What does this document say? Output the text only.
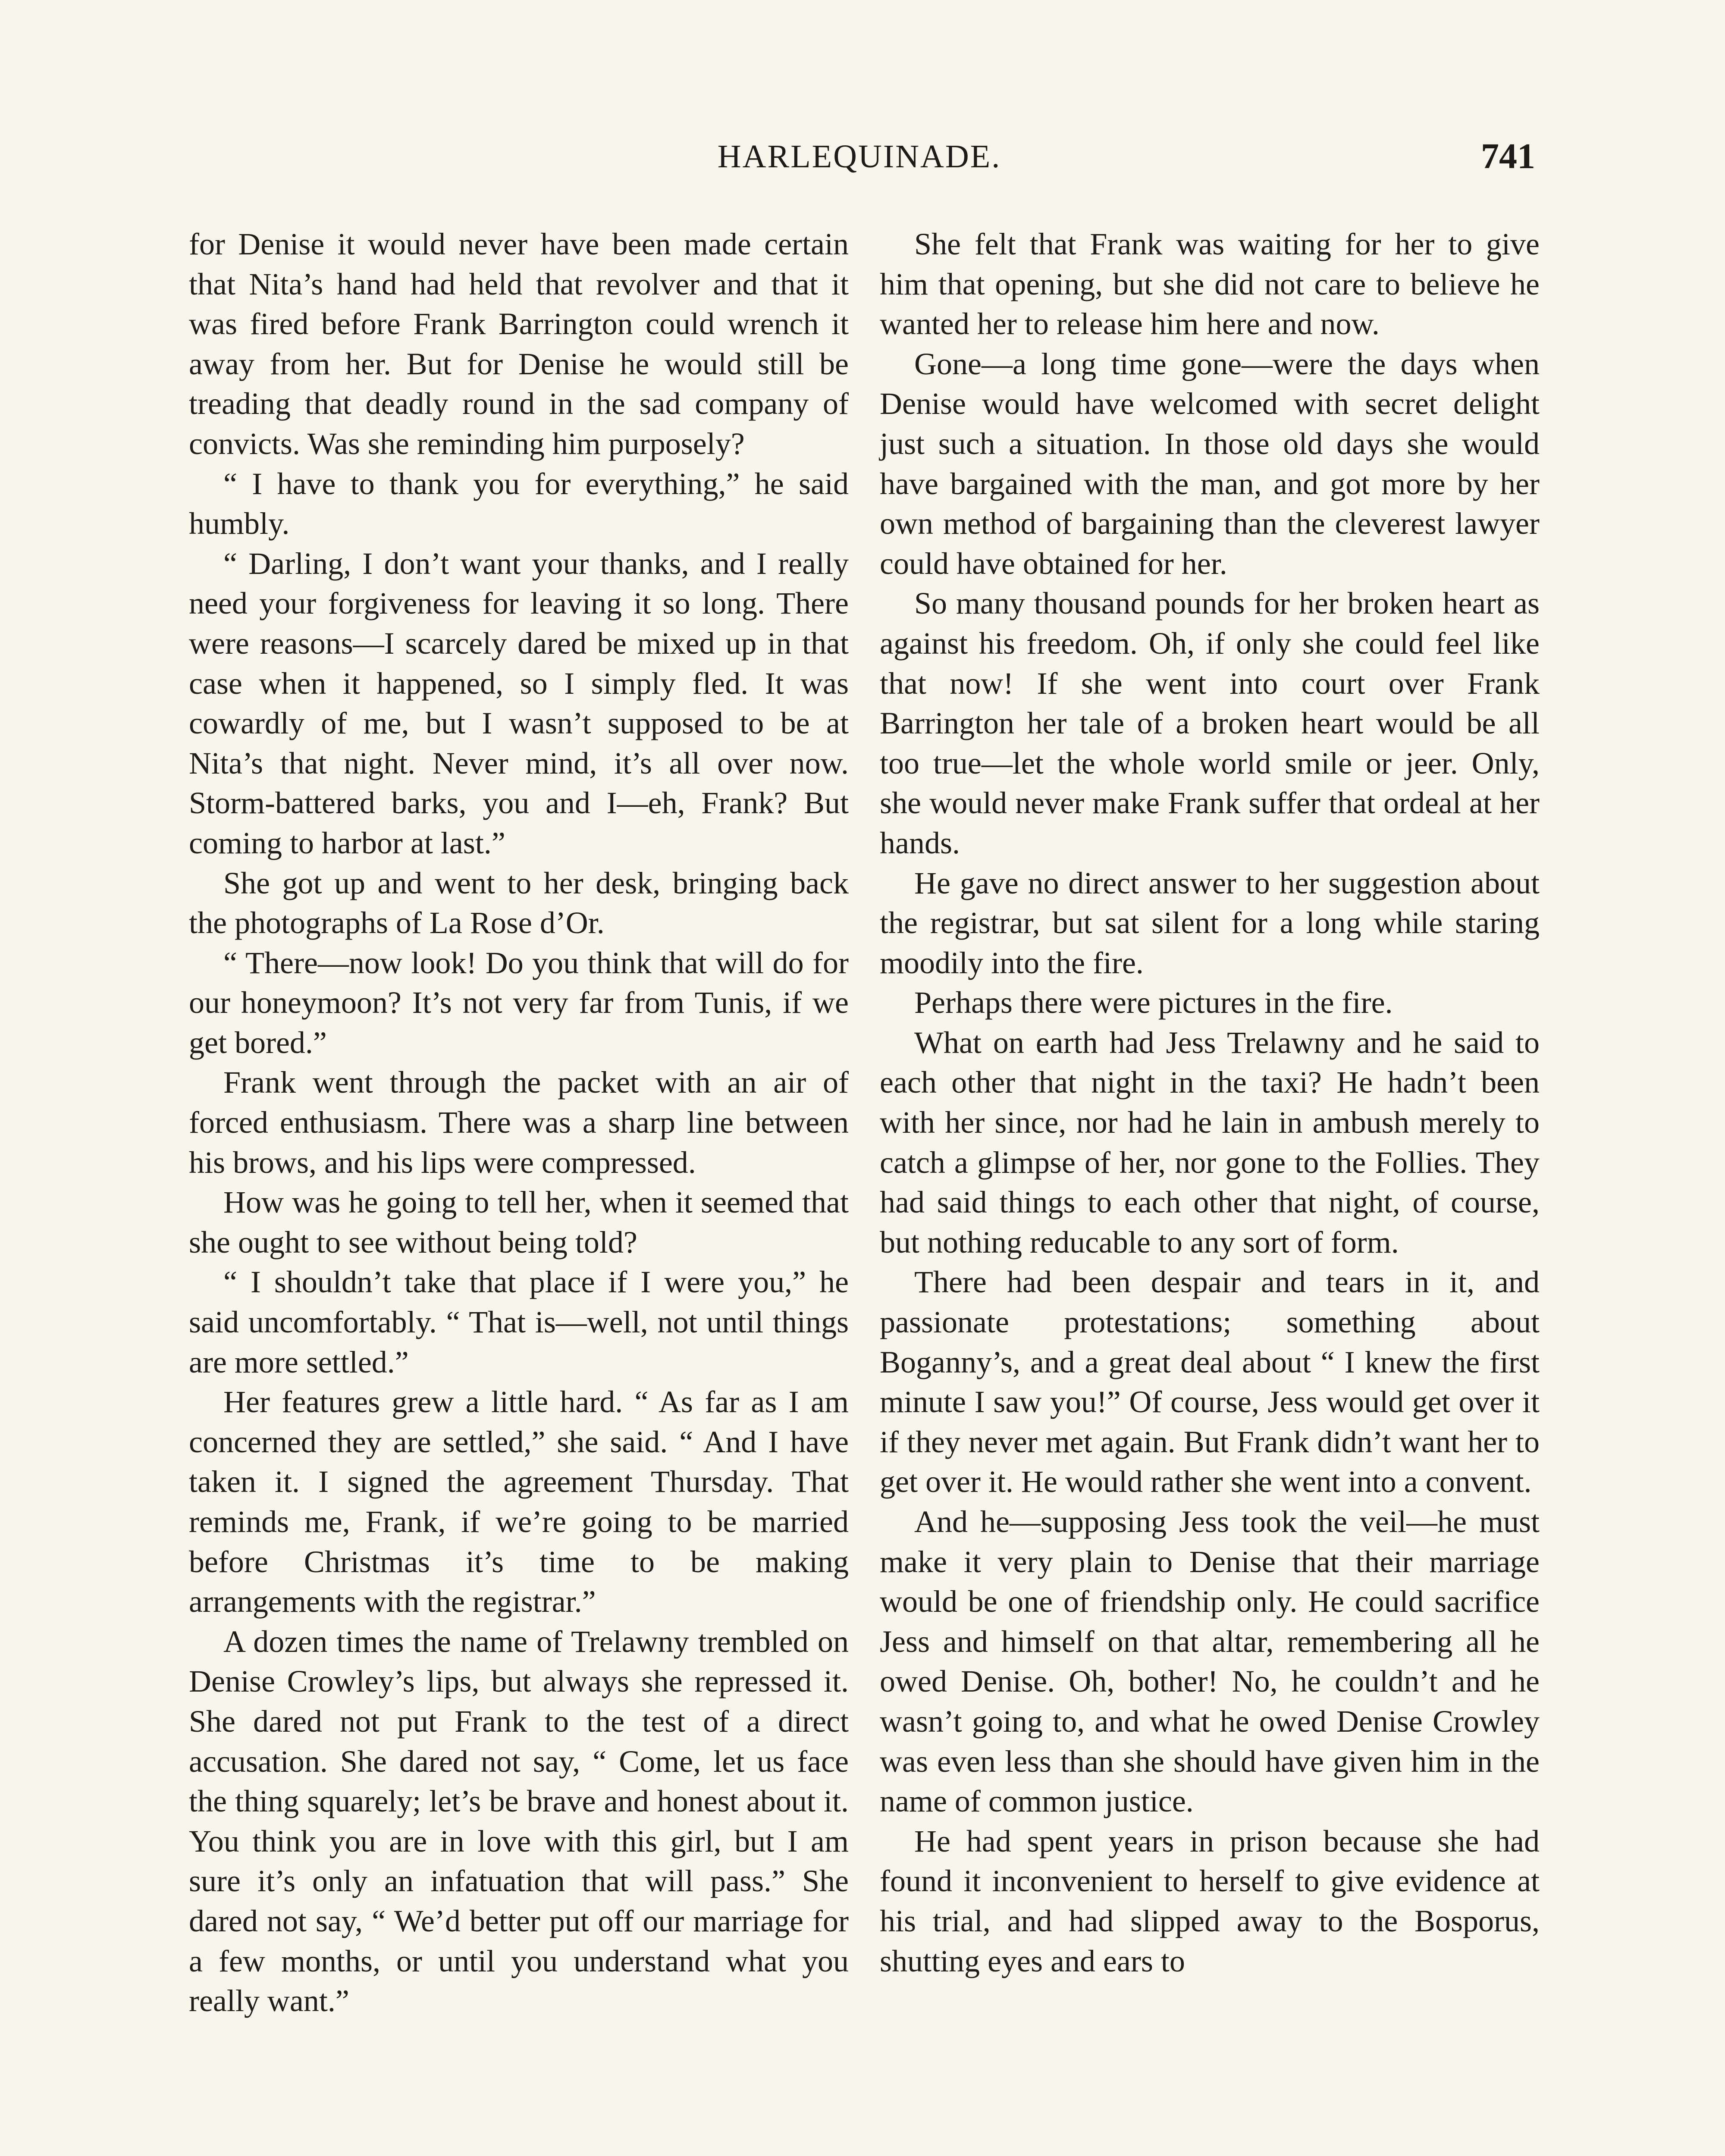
HARLEQUINADE.	741

for Denise it would never have been made certain that Nita’s hand had held that revolver and that it was fired before Frank Barrington could wrench it away from her. But for Denise he would still be treading that deadly round in the sad company of convicts. Was she reminding him purposely?

“ I have to thank you for everything,” he said humbly.

“ Darling, I don’t want your thanks, and I really need your forgiveness for leaving it so long. There were reasons—I scarcely dared be mixed up in that case when it happened, so I simply fled. It was cowardly of me, but I wasn’t supposed to be at Nita’s that night. Never mind, it’s all over now. Storm-battered barks, you and I—eh, Frank? But coming to harbor at last.”

She got up and went to her desk, bringing back the photographs of La Rose d’Or.

“ There—now look! Do you think that will do for our honeymoon? It’s not very far from Tunis, if we get bored.”

Frank went through the packet with an air of forced enthusiasm. There was a sharp line between his brows, and his lips were compressed.

How was he going to tell her, when it seemed that she ought to see without being told?

“ I shouldn’t take that place if I were you,” he said uncomfortably. “ That is—well, not until things are more settled.”

Her features grew a little hard. “ As far as I am concerned they are settled,” she said. “ And I have taken it. I signed the agreement Thursday. That reminds me, Frank, if we’re going to be married before Christmas it’s time to be making arrangements with the registrar.”

A dozen times the name of Trelawny trembled on Denise Crowley’s lips, but always she repressed it. She dared not put Frank to the test of a direct accusation. She dared not say, “ Come, let us face the thing squarely; let’s be brave and honest about it. You think you are in love with this girl, but I am sure it’s only an infatuation that will pass.” She dared not say, “ We’d better put off our marriage for a few months, or until you understand what you really want.”

She felt that Frank was waiting for her to give him that opening, but she did not care to believe he wanted her to release him here and now.

Gone—a long time gone—were the days when Denise would have welcomed with secret delight just such a situation. In those old days she would have bargained with the man, and got more by her own method of bargaining than the cleverest lawyer could have obtained for her.

So many thousand pounds for her broken heart as against his freedom. Oh, if only she could feel like that now! If she went into court over Frank Barrington her tale of a broken heart would be all too true—let the whole world smile or jeer. Only, she would never make Frank suffer that ordeal at her hands.

He gave no direct answer to her suggestion about the registrar, but sat silent for a long while staring moodily into the fire.

Perhaps there were pictures in the fire.

What on earth had Jess Trelawny and he said to each other that night in the taxi? He hadn’t been with her since, nor had he lain in ambush merely to catch a glimpse of her, nor gone to the Follies. They had said things to each other that night, of course, but nothing reducable to any sort of form.

There had been despair and tears in it, and passionate protestations; something about Boganny’s, and a great deal about “ I knew the first minute I saw you!” Of course, Jess would get over it if they never met again. But Frank didn’t want her to get over it. He would rather she went into a convent.

And he—supposing Jess took the veil—he must make it very plain to Denise that their marriage would be one of friendship only. He could sacrifice Jess and himself on that altar, remembering all he owed Denise. Oh, bother! No, he couldn’t and he wasn’t going to, and what he owed Denise Crowley was even less than she should have given him in the name of common justice.

He had spent years in prison because she had found it inconvenient to herself to give evidence at his trial, and had slipped away to the Bosporus, shutting eyes and ears to
